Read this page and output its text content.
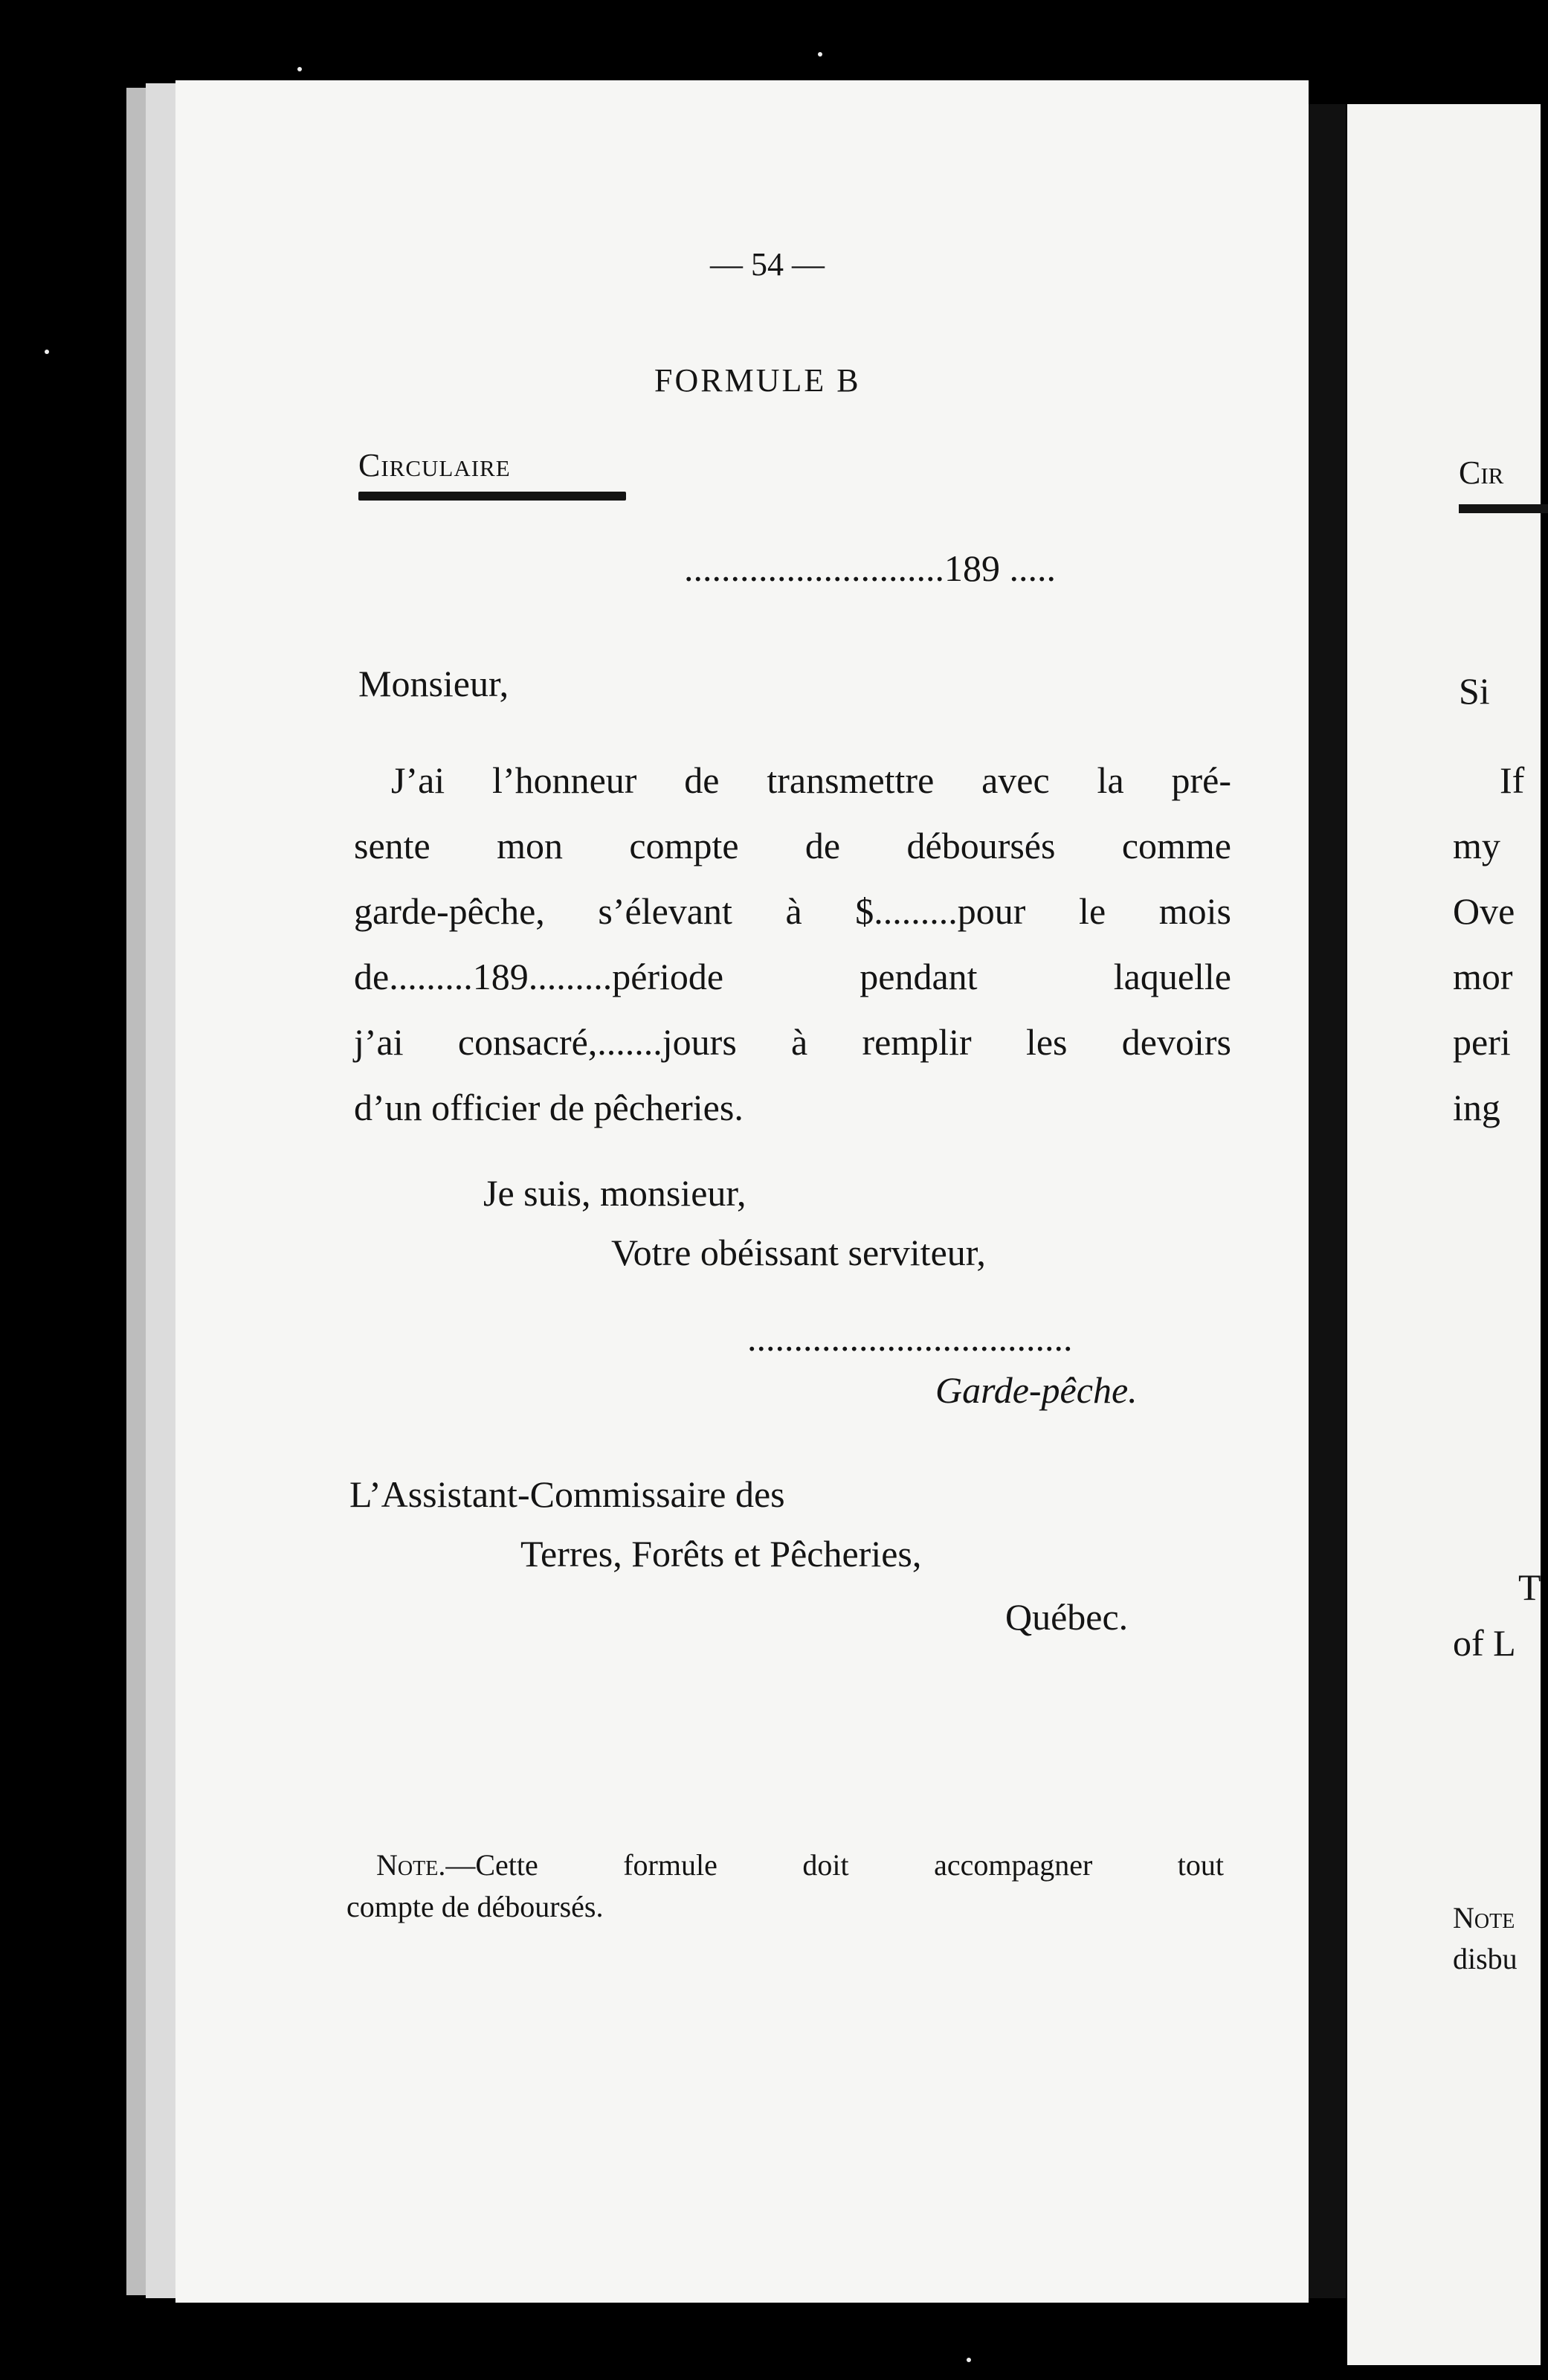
— 54 —
FORMULE B
Circulaire
............................189 .....
Monsieur,
J’ai l’honneur de transmettre avec la pré-
sente mon compte de déboursés comme
garde-pêche, s’élevant à $.........pour le mois
de.........189.........période pendant laquelle
j’ai consacré,.......jours à remplir les devoirs
d’un officier de pêcheries.
Je suis, monsieur,
Votre obéissant serviteur,
...................................
Garde-pêche.
L’Assistant-Commissaire des
Terres, Forêts et Pêcheries,
Québec.
Note.—Cette formule doit accompagner tout
compte de déboursés.
Cir
Si
If
my
Ove
mor
peri
ing
T
of L
Note
disbu
